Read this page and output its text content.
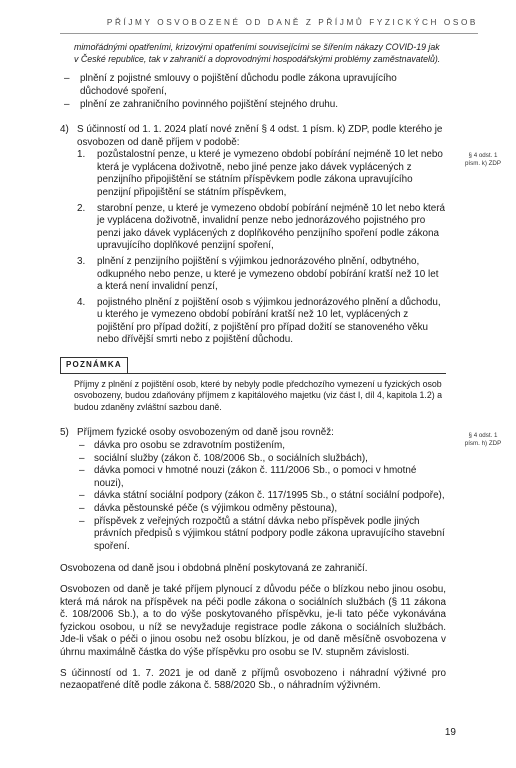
PŘÍJMY OSVOBOZENÉ OD DANĚ Z PŘÍJMŮ FYZICKÝCH OSOB
§ 4 odst. 1 písm. k) ZDP
§ 4 odst. 1 písm. h) ZDP

mimořádnými opatřeními, krizovými opatřeními souvisejícími se šířením nákazy COVID-19 jak v České republice, tak v zahraničí a doprovodnými hospodářskými problémy zaměstnavatelů).

– plnění z pojistné smlouvy o pojištění důchodu podle zákona upravujícího důchodové spoření,
– plnění ze zahraničního povinného pojištění stejného druhu.
4) S účinností od 1. 1. 2024 platí nové znění § 4 odst. 1 písm. k) ZDP, podle kterého je osvobozen od daně příjem v podobě:
1. pozůstalostní penze, u které je vymezeno období pobírání nejméně 10 let nebo která je vyplácena doživotně, nebo jiné penze jako dávek vyplácených z penzijního připojištění se státním příspěvkem podle zákona upravujícího penzijní připojištění se státním příspěvkem,
2. starobní penze, u které je vymezeno období pobírání nejméně 10 let nebo která je vyplácena doživotně, invalidní penze nebo jednorázového pojistného pro penzi jako dávek vyplácených z doplňkového penzijního spoření podle zákona upravujícího doplňkové penzijní spoření,
3. plnění z penzijního pojištění s výjimkou jednorázového plnění, odbytného, odkupného nebo penze, u které je vymezeno období pobírání kratší než 10 let a která není invalidní penzí,
4. pojistného plnění z pojištění osob s výjimkou jednorázového plnění a důchodu, u kterého je vymezeno období pobírání kratší než 10 let, vyplácených z pojištění pro případ dožití, z pojištění pro případ dožití se stanoveného věku nebo dřívější smrti nebo z pojištění důchodu.
POZNÁMKA

Příjmy z plnění z pojištění osob, které by nebyly podle předchozího vymezení u fyzických osob osvobozeny, budou zdaňovány příjmem z kapitálového majetku (viz část I, díl 4, kapitola 1.2) a budou zdaněny zvláštní sazbou daně.

5) Příjmem fyzické osoby osvobozeným od daně jsou rovněž:
– dávka pro osobu se zdravotním postižením,
– sociální služby (zákon č. 108/2006 Sb., o sociálních službách),
– dávka pomoci v hmotné nouzi (zákon č. 111/2006 Sb., o pomoci v hmotné nouzi),
– dávka státní sociální podpory (zákon č. 117/1995 Sb., o státní sociální podpoře),
– dávka pěstounské péče (s výjimkou odměny pěstouna),
– příspěvek z veřejných rozpočtů a státní dávka nebo příspěvek podle jiných právních předpisů s výjimkou státní podpory podle zákona upravujícího stavební spoření.

Osvobozena od daně jsou i obdobná plnění poskytovaná ze zahraničí.

Osvobozen od daně je také příjem plynoucí z důvodu péče o blízkou nebo jinou osobu, která má nárok na příspěvek na péči podle zákona o sociálních službách (§ 11 zákona č. 108/2006 Sb.), a to do výše poskytovaného příspěvku, je-li tato péče vykonávána fyzickou osobou, u níž se nevyžaduje registrace podle zákona o sociálních službách. Jde-li však o péči o jinou osobu než osobu blízkou, je od daně měsíčně osvobozena v úhrnu maximálně částka do výše příspěvku pro osobu se IV. stupněm závislosti.

S účinností od 1. 7. 2021 je od daně z příjmů osvobozeno i náhradní výživné pro nezaopatřené dítě podle zákona č. 588/2020 Sb., o náhradním výživném.

19
